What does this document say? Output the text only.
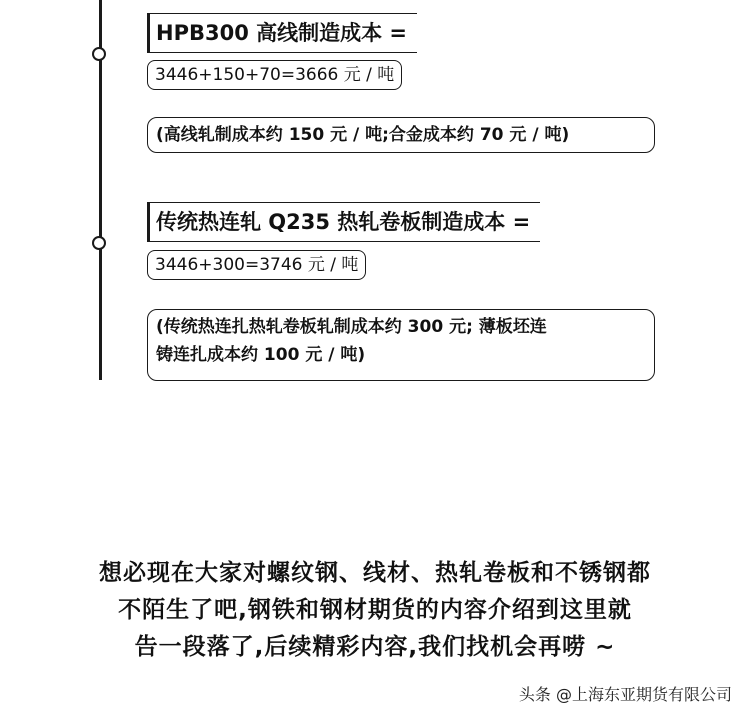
HPB300 高线制造成本 =
3446+150+70=3666 元 / 吨
(高线轧制成本约 150 元 / 吨;合金成本约 70 元 / 吨)
传统热连轧 Q235 热轧卷板制造成本 =
3446+300=3746 元 / 吨
(传统热连扎热轧卷板轧制成本约 300 元; 薄板坯连
铸连扎成本约 100 元 / 吨)
想必现在大家对螺纹钢、线材、热轧卷板和不锈钢都
不陌生了吧,钢铁和钢材期货的内容介绍到这里就
告一段落了,后续精彩内容,我们找机会再唠 ~
头条 @上海东亚期货有限公司
